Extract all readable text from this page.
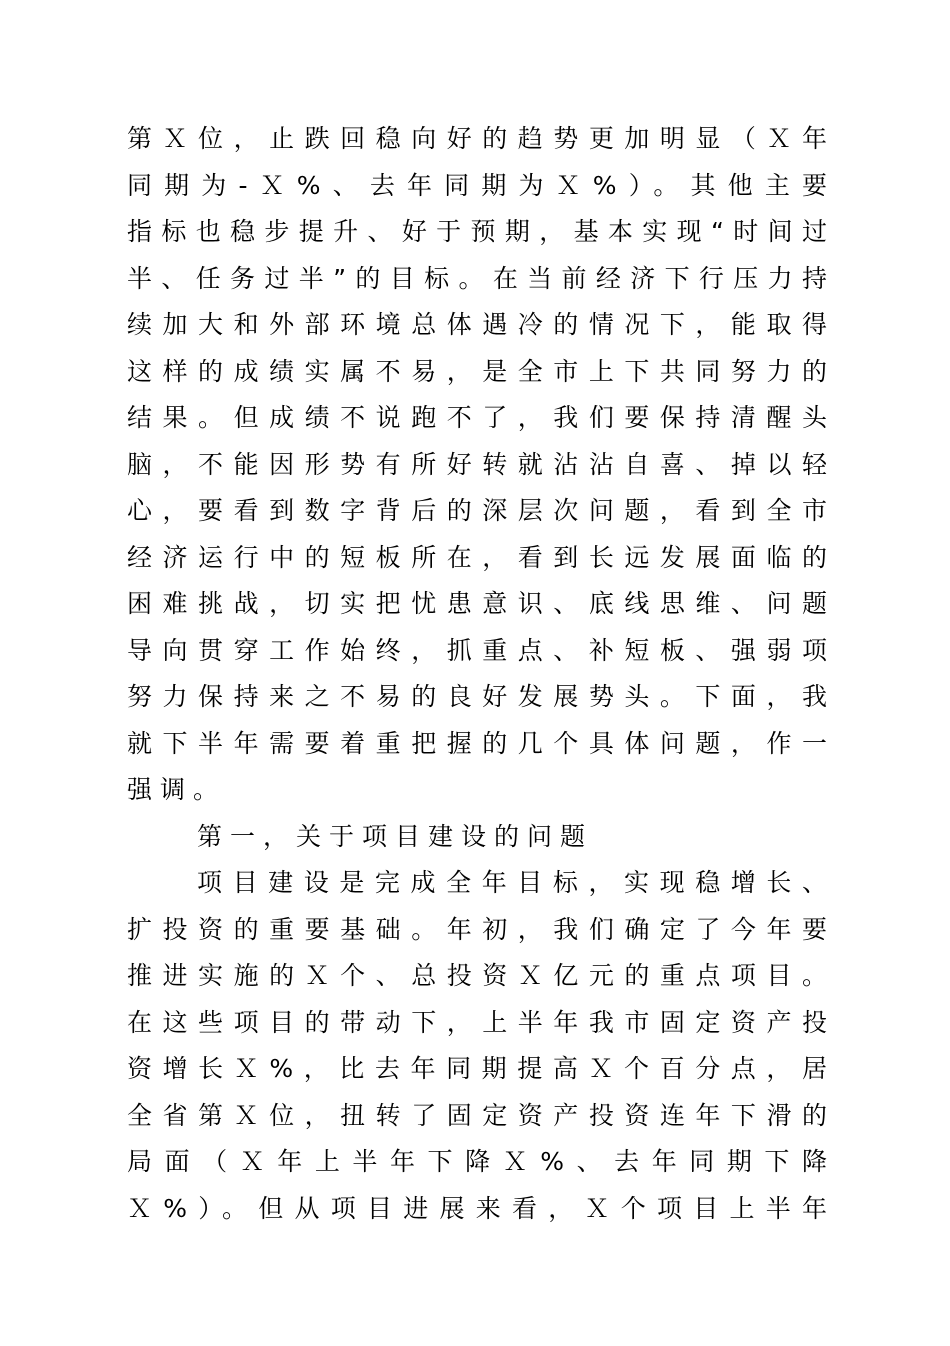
第Ｘ位，止跌回稳向好的趋势更加明显（Ｘ年
同期为-Ｘ%、去年同期为Ｘ%）。其他主要
指标也稳步提升、好于预期，基本实现“时间过
半、任务过半”的目标。在当前经济下行压力持
续加大和外部环境总体遇冷的情况下，能取得
这样的成绩实属不易，是全市上下共同努力的
结果。但成绩不说跑不了，我们要保持清醒头
脑，不能因形势有所好转就沾沾自喜、掉以轻
心，要看到数字背后的深层次问题，看到全市
经济运行中的短板所在，看到长远发展面临的
困难挑战，切实把忧患意识、底线思维、问题
导向贯穿工作始终，抓重点、补短板、强弱项
努力保持来之不易的良好发展势头。下面，我
就下半年需要着重把握的几个具体问题，作一
强调。
第一，关于项目建设的问题
项目建设是完成全年目标，实现稳增长、
扩投资的重要基础。年初，我们确定了今年要
推进实施的Ｘ个、总投资Ｘ亿元的重点项目。
在这些项目的带动下，上半年我市固定资产投
资增长Ｘ%，比去年同期提高Ｘ个百分点，居
全省第Ｘ位，扭转了固定资产投资连年下滑的
局面（Ｘ年上半年下降Ｘ%、去年同期下降
Ｘ%）。但从项目进展来看，Ｘ个项目上半年
